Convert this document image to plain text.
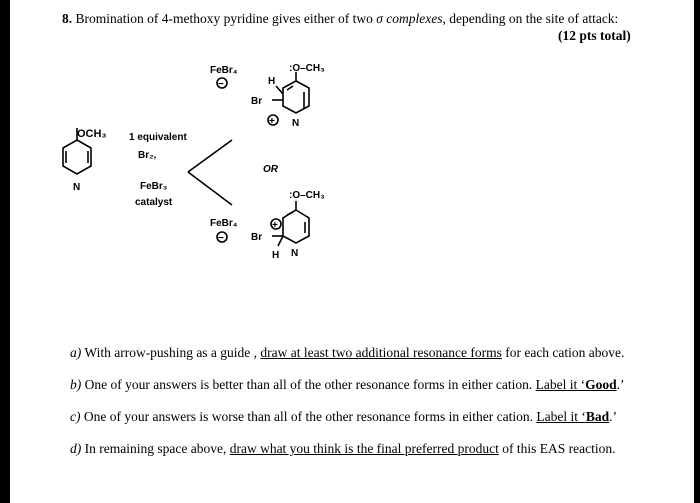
8. Bromination of 4-methoxy pyridine gives either of two σ complexes, depending on the site of attack:
(12 pts total)
OCH₃
N
1 equivalent
Br₂,
FeBr₃
catalyst
OR
FeBr₄
−
:O–CH₃
H
Br
+ N
FeBr₄
−
:O–CH₃
+
Br
H N
a) With arrow-pushing as a guide , draw at least two additional resonance forms for each cation above.
b) One of your answers is better than all of the other resonance forms in either cation. Label it ‘Good.’
c) One of your answers is worse than all of the other resonance forms in either cation. Label it ‘Bad.’
d) In remaining space above, draw what you think is the final preferred product of this EAS reaction.
